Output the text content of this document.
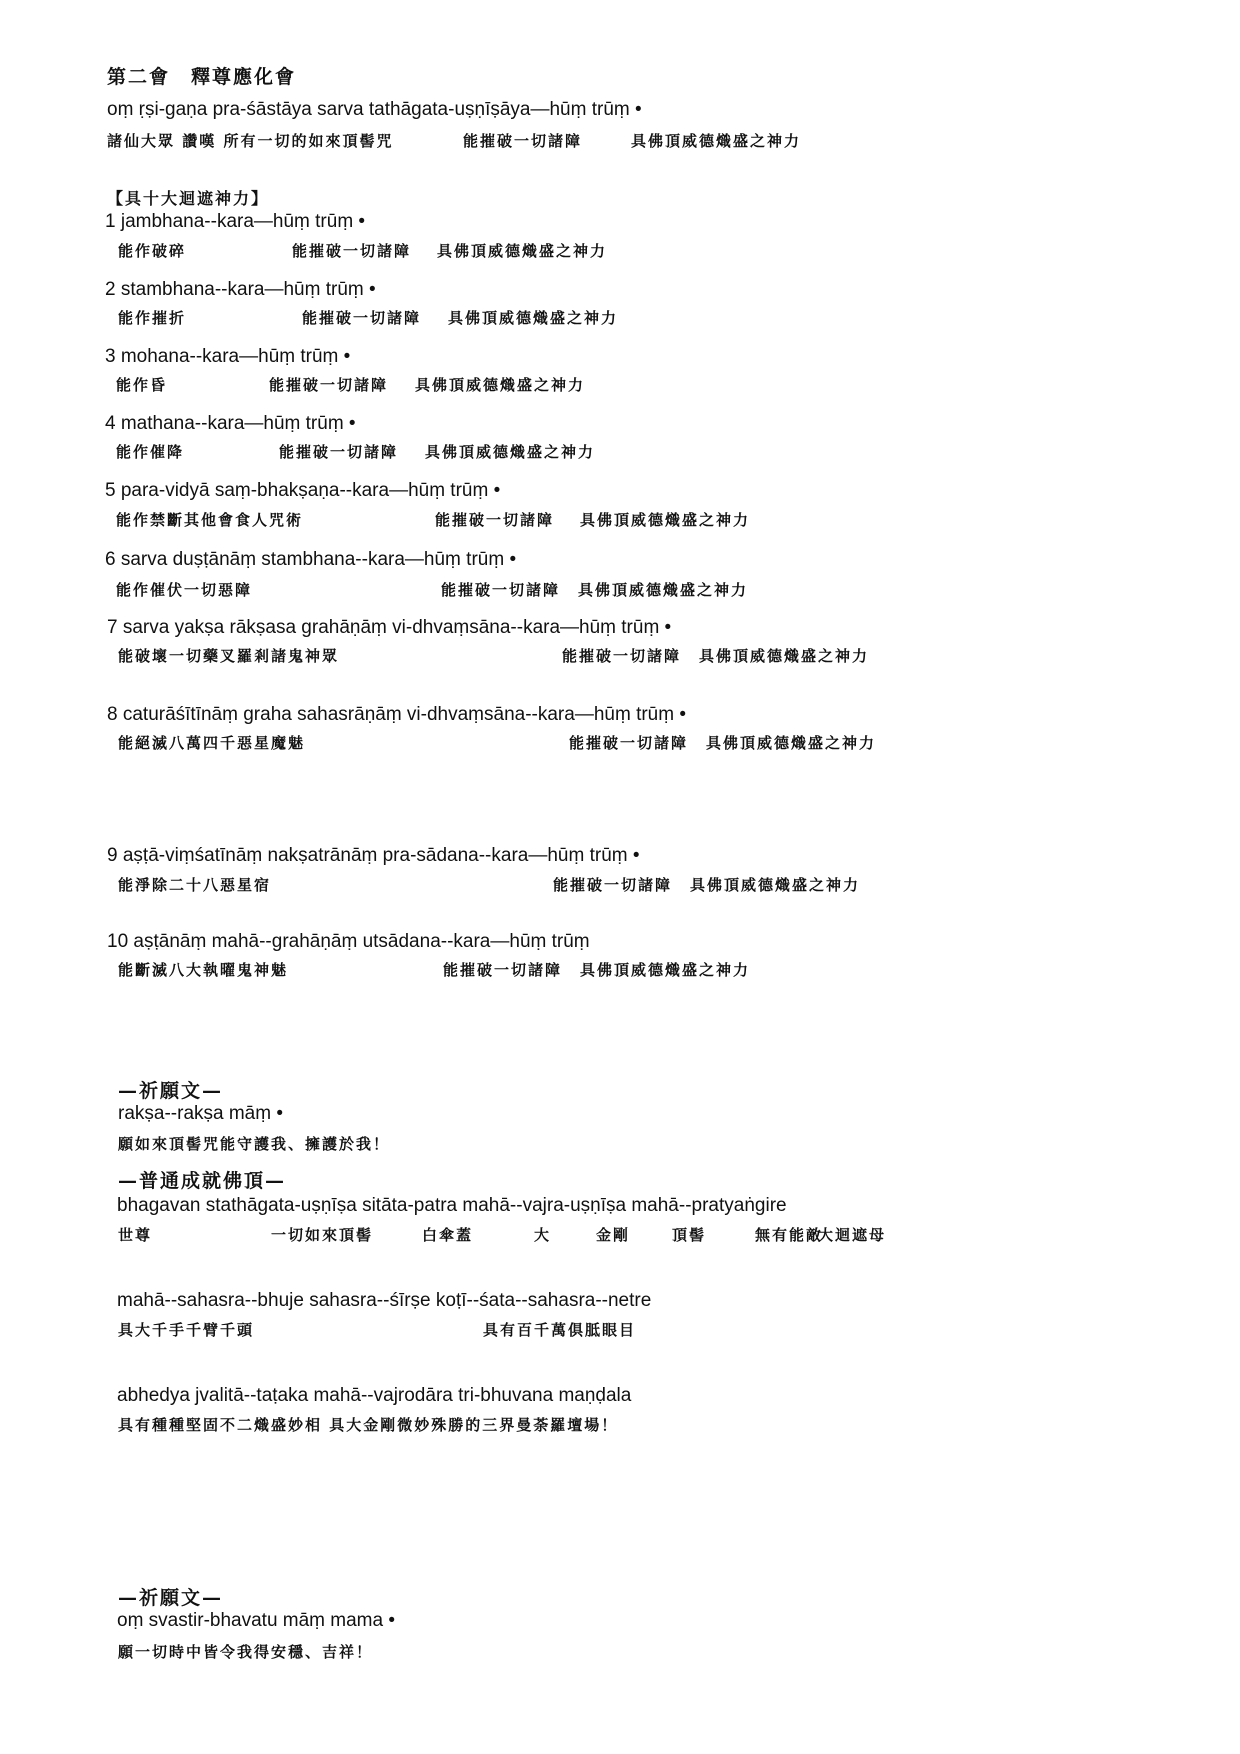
第二會　釋尊應化會
oṃ ṛṣi-gaṇa pra-śāstāya sarva tathāgata-uṣṇīṣāya—hūṃ trūṃ •
諸仙大眾 讚嘆 所有一切的如來頂髻咒	能摧破一切諸障	具佛頂威德熾盛之神力
【具十大迴遮神力】
1 jambhana--kara—hūṃ trūṃ •
能作破碎	能摧破一切諸障 具佛頂威德熾盛之神力
2 stambhana--kara—hūṃ trūṃ •
能作摧折	能摧破一切諸障 具佛頂威德熾盛之神力
3 mohana--kara—hūṃ trūṃ •
能作昏	能摧破一切諸障 具佛頂威德熾盛之神力
4 mathana--kara—hūṃ trūṃ •
能作催降	能摧破一切諸障 具佛頂威德熾盛之神力
5 para-vidyā saṃ-bhakṣaṇa--kara—hūṃ trūṃ •
能作禁斷其他會食人咒術	能摧破一切諸障 具佛頂威德熾盛之神力
6 sarva duṣṭānāṃ stambhana--kara—hūṃ trūṃ •
能作催伏一切惡障	能摧破一切諸障 具佛頂威德熾盛之神力
7 sarva yakṣa rākṣasa grahāṇāṃ vi-dhvaṃsāna--kara—hūṃ trūṃ •
能破壞一切藥叉羅剎諸鬼神眾	能摧破一切諸障 具佛頂威德熾盛之神力
8 caturāśītīnāṃ graha sahasrāṇāṃ vi-dhvaṃsāna--kara—hūṃ trūṃ •
能絕滅八萬四千惡星魔魅	能摧破一切諸障 具佛頂威德熾盛之神力
9 aṣṭā-viṃśatīnāṃ nakṣatrānāṃ pra-sādana--kara—hūṃ trūṃ •
能淨除二十八惡星宿	能摧破一切諸障 具佛頂威德熾盛之神力
10 aṣṭānāṃ mahā--grahāṇāṃ utsādana--kara—hūṃ trūṃ
能斷滅八大執曜鬼神魅	能摧破一切諸障 具佛頂威德熾盛之神力
—祈願文—
rakṣa--rakṣa māṃ •
願如來頂髻咒能守護我、擁護於我！
—普通成就佛頂—
bhagavan stathāgata-uṣṇīṣa sitāta-patra mahā--vajra-uṣṇīṣa mahā--pratyaṅgire
世尊	一切如來頂髻	白傘蓋	大	金剛	頂髻	無有能敵
大迴遮母
mahā--sahasra--bhuje sahasra--śīrṣe koṭī--śata--sahasra--netre
具大千手千臂千頭	具有百千萬俱胝眼目
abhedya jvalitā--taṭaka mahā--vajrodāra tri-bhuvana maṇḍala
具有種種堅固不二熾盛妙相 具大金剛微妙殊勝的三界曼荼羅壇場！
—祈願文—
oṃ svastir-bhavatu māṃ mama •
願一切時中皆令我得安穩、吉祥！
